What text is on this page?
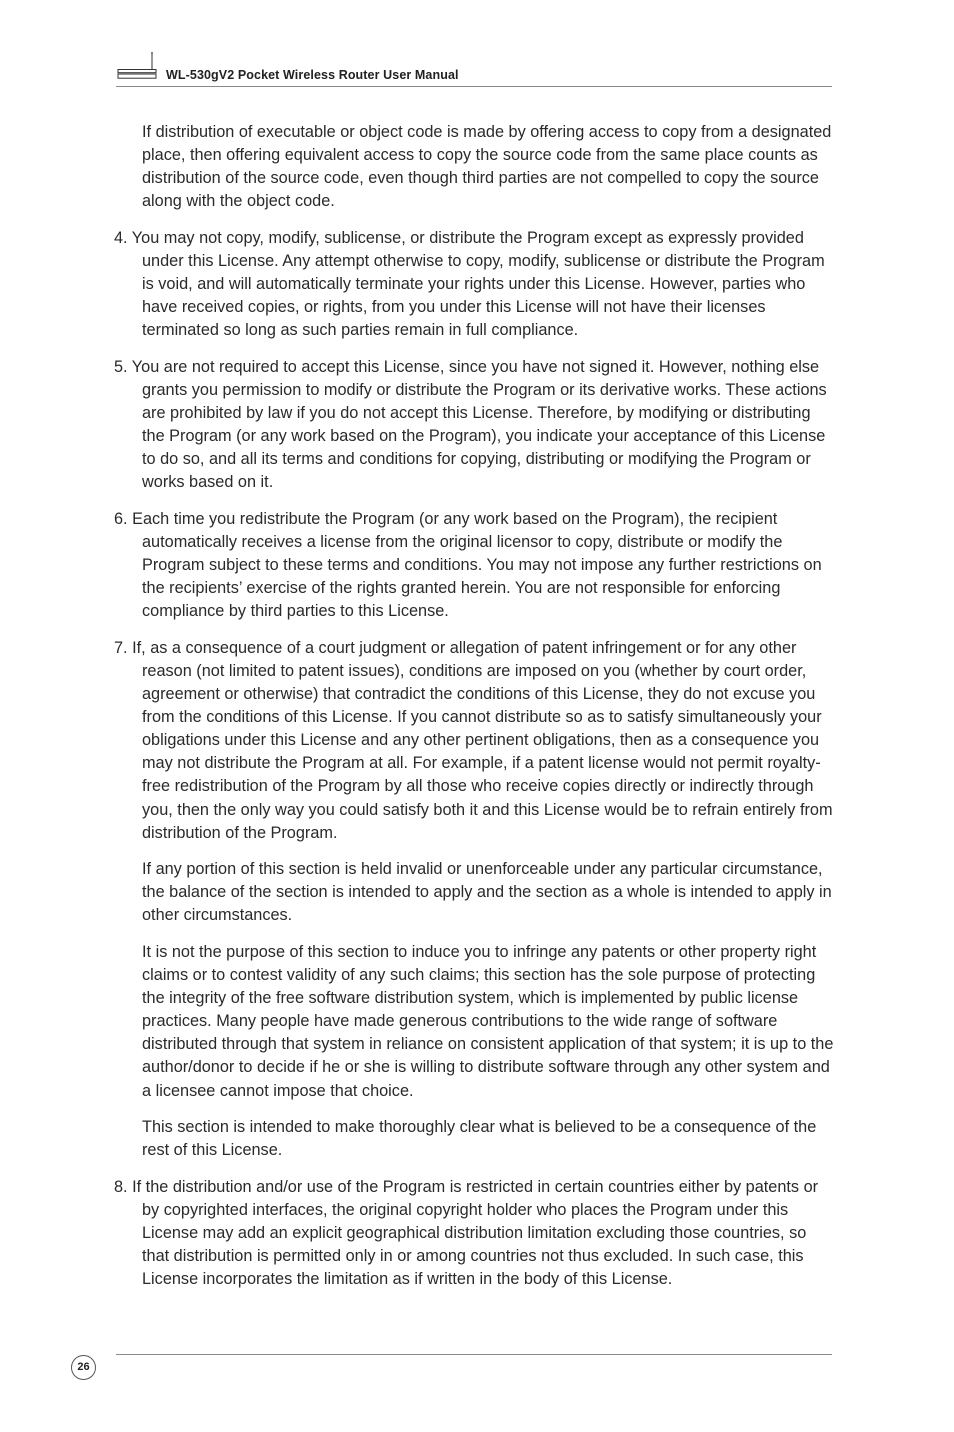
WL-530gV2 Pocket Wireless Router User Manual

If distribution of executable or object code is made by offering access to copy from a designated place, then offering equivalent access to copy the source code from the same place counts as distribution of the source code, even though third parties are not compelled to copy the source along with the object code.

4. You may not copy, modify, sublicense, or distribute the Program except as expressly provided under this License. Any attempt otherwise to copy, modify, sublicense or distribute the Program is void, and will automatically terminate your rights under this License. However, parties who have received copies, or rights, from you under this License will not have their licenses terminated so long as such parties remain in full compliance.

5. You are not required to accept this License, since you have not signed it. However, nothing else grants you permission to modify or distribute the Program or its derivative works. These actions are prohibited by law if you do not accept this License. Therefore, by modifying or distributing the Program (or any work based on the Program), you indicate your acceptance of this License to do so, and all its terms and conditions for copying, distributing or modifying the Program or works based on it.

6. Each time you redistribute the Program (or any work based on the Program), the recipient automatically receives a license from the original licensor to copy, distribute or modify the Program subject to these terms and conditions. You may not impose any further restrictions on the recipients’ exercise of the rights granted herein. You are not responsible for enforcing compliance by third parties to this License.

7. If, as a consequence of a court judgment or allegation of patent infringement or for any other reason (not limited to patent issues), conditions are imposed on you (whether by court order, agreement or otherwise) that contradict the conditions of this License, they do not excuse you from the conditions of this License. If you cannot distribute so as to satisfy simultaneously your obligations under this License and any other pertinent obligations, then as a consequence you may not distribute the Program at all. For example, if a patent license would not permit royalty-free redistribution of the Program by all those who receive copies directly or indirectly through you, then the only way you could satisfy both it and this License would be to refrain entirely from distribution of the Program.

If any portion of this section is held invalid or unenforceable under any particular circumstance, the balance of the section is intended to apply and the section as a whole is intended to apply in other circumstances.

It is not the purpose of this section to induce you to infringe any patents or other property right claims or to contest validity of any such claims; this section has the sole purpose of protecting the integrity of the free software distribution system, which is implemented by public license practices. Many people have made generous contributions to the wide range of software distributed through that system in reliance on consistent application of that system; it is up to the author/donor to decide if he or she is willing to distribute software through any other system and a licensee cannot impose that choice.

This section is intended to make thoroughly clear what is believed to be a consequence of the rest of this License.

8. If the distribution and/or use of the Program is restricted in certain countries either by patents or by copyrighted interfaces, the original copyright holder who places the Program under this License may add an explicit geographical distribution limitation excluding those countries, so that distribution is permitted only in or among countries not thus excluded. In such case, this License incorporates the limitation as if written in the body of this License.

26
